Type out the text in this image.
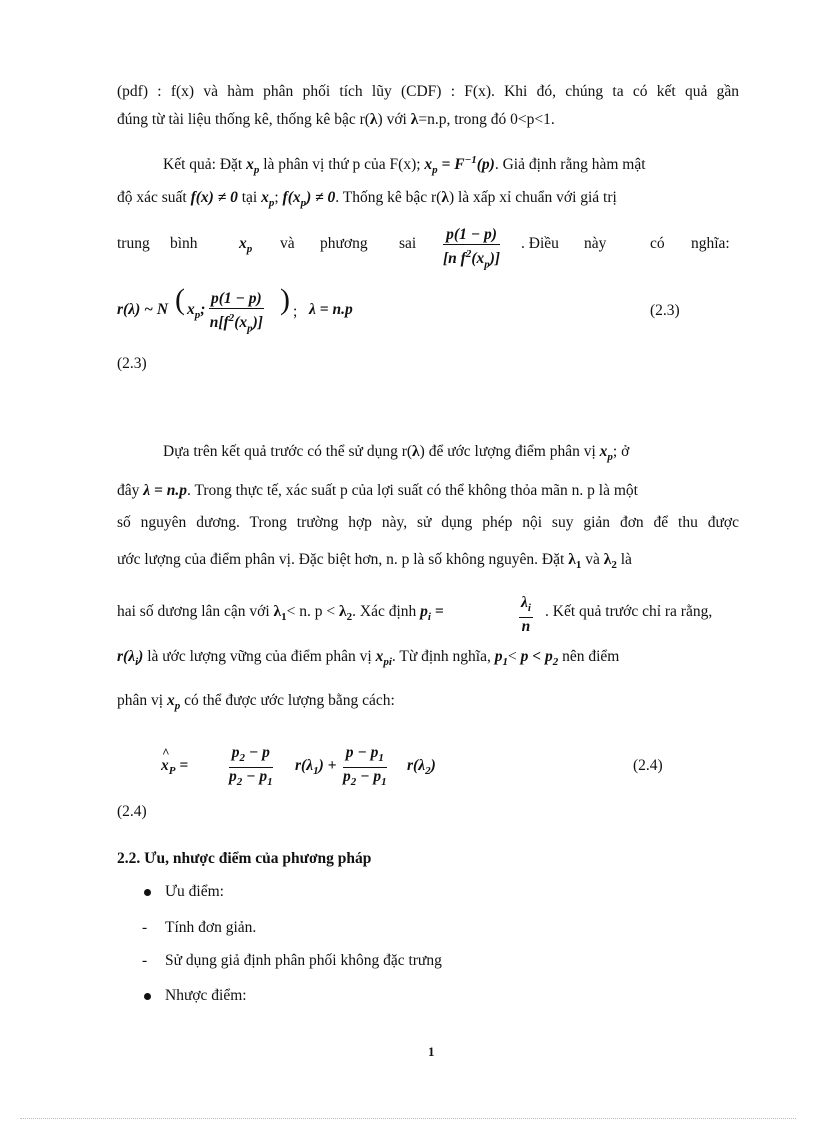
(pdf) : f(x) và hàm phân phối tích lũy (CDF) : F(x). Khi đó, chúng ta có kết quả gần
đúng từ tài liệu thống kê, thống kê bậc r(λ) với λ=n.p, trong đó 0<p<1.
Kết quả: Đặt $x_p$ là phân vị thứ p của F(x); $x_p = F^{-1}(p)$. Giả định rằng hàm mật
độ xác suất f(x) ≠ 0 tại $x_p$; $f(x_p) \ne 0$. Thống kê bậc r(λ) là xấp xỉ chuẩn với giá trị
trung bình	$x_p$ và phương sai $\frac{p(1 - p)}{[n f^2(x_p)]}$ . Điều này	có nghĩa:
r(λ) ~ N ( $x_p$; $\frac{p(1 - p)}{n[f^2(x_p)]}$ ) ; λ = n.p	(2.3)
(2.3)
Dựa trên kết quả trước có thể sử dụng r(λ) để ước lượng điểm phân vị $x_p$; ở
đây λ = n.p. Trong thực tế, xác suất p của lợi suất có thể không thỏa mãn n. p là một
số nguyên dương. Trong trường hợp này, sử dụng phép nội suy giản đơn để thu được
ước lượng của điểm phân vị. Đặc biệt hơn, n. p là số không nguyên. Đặt $\lambda_1$ và $\lambda_2$ là
hai số dương lân cận với $\lambda_1< n$. $p < \lambda_2$. Xác định $p_i$ =	$\frac{\lambda_i}{n}$ . Kết quả trước chỉ ra rằng,
$r(\lambda_i)$ là ước lượng vững của điểm phân vị $x_{pi}$. Từ định nghĩa, $p_1< p < p_2$ nên điểm
phân vị $x_p$ có thể được ước lượng bằng cách:
x
^
$_P$ =	$\frac{p_2 - p}{p_2 - p_1} r(\lambda_1) + \frac{p - p_1}{p_2 - p_1} r(\lambda_2)$	(2.4)
(2.4)
2.2. Ưu, nhược điểm của phương pháp
Ưu điểm:
-	Tính đơn giản.
-	Sử dụng giả định phân phối không đặc trưng
Nhược điểm:
1
